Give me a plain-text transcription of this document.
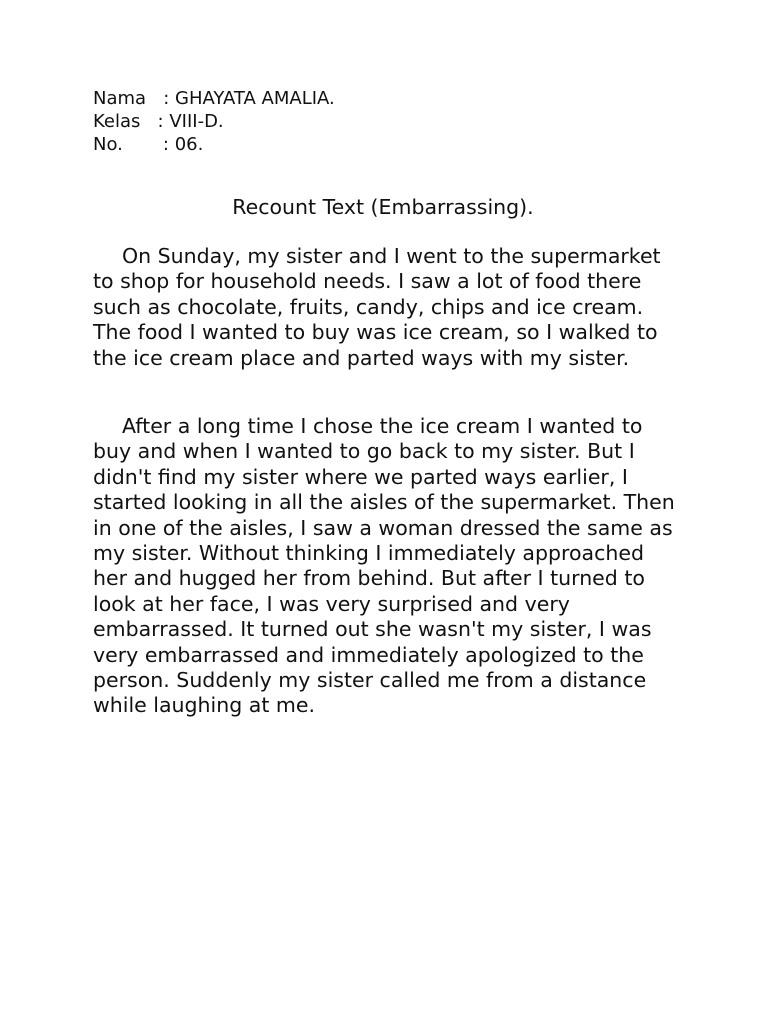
Nama   : GHAYATA AMALIA.
Kelas   : VIII-D.
No.       : 06.
Recount Text (Embarrassing).

On Sunday, my sister and I went to the supermarket to shop for household needs. I saw a lot of food there such as chocolate, fruits, candy, chips and ice cream. The food I wanted to buy was ice cream, so I walked to the ice cream place and parted ways with my sister.

After a long time I chose the ice cream I wanted to buy and when I wanted to go back to my sister. But I didn't find my sister where we parted ways earlier, I started looking in all the aisles of the supermarket. Then in one of the aisles, I saw a woman dressed the same as my sister. Without thinking I immediately approached her and hugged her from behind. But after I turned to look at her face, I was very surprised and very embarrassed. It turned out she wasn't my sister, I was very embarrassed and immediately apologized to the person. Suddenly my sister called me from a distance while laughing at me.
